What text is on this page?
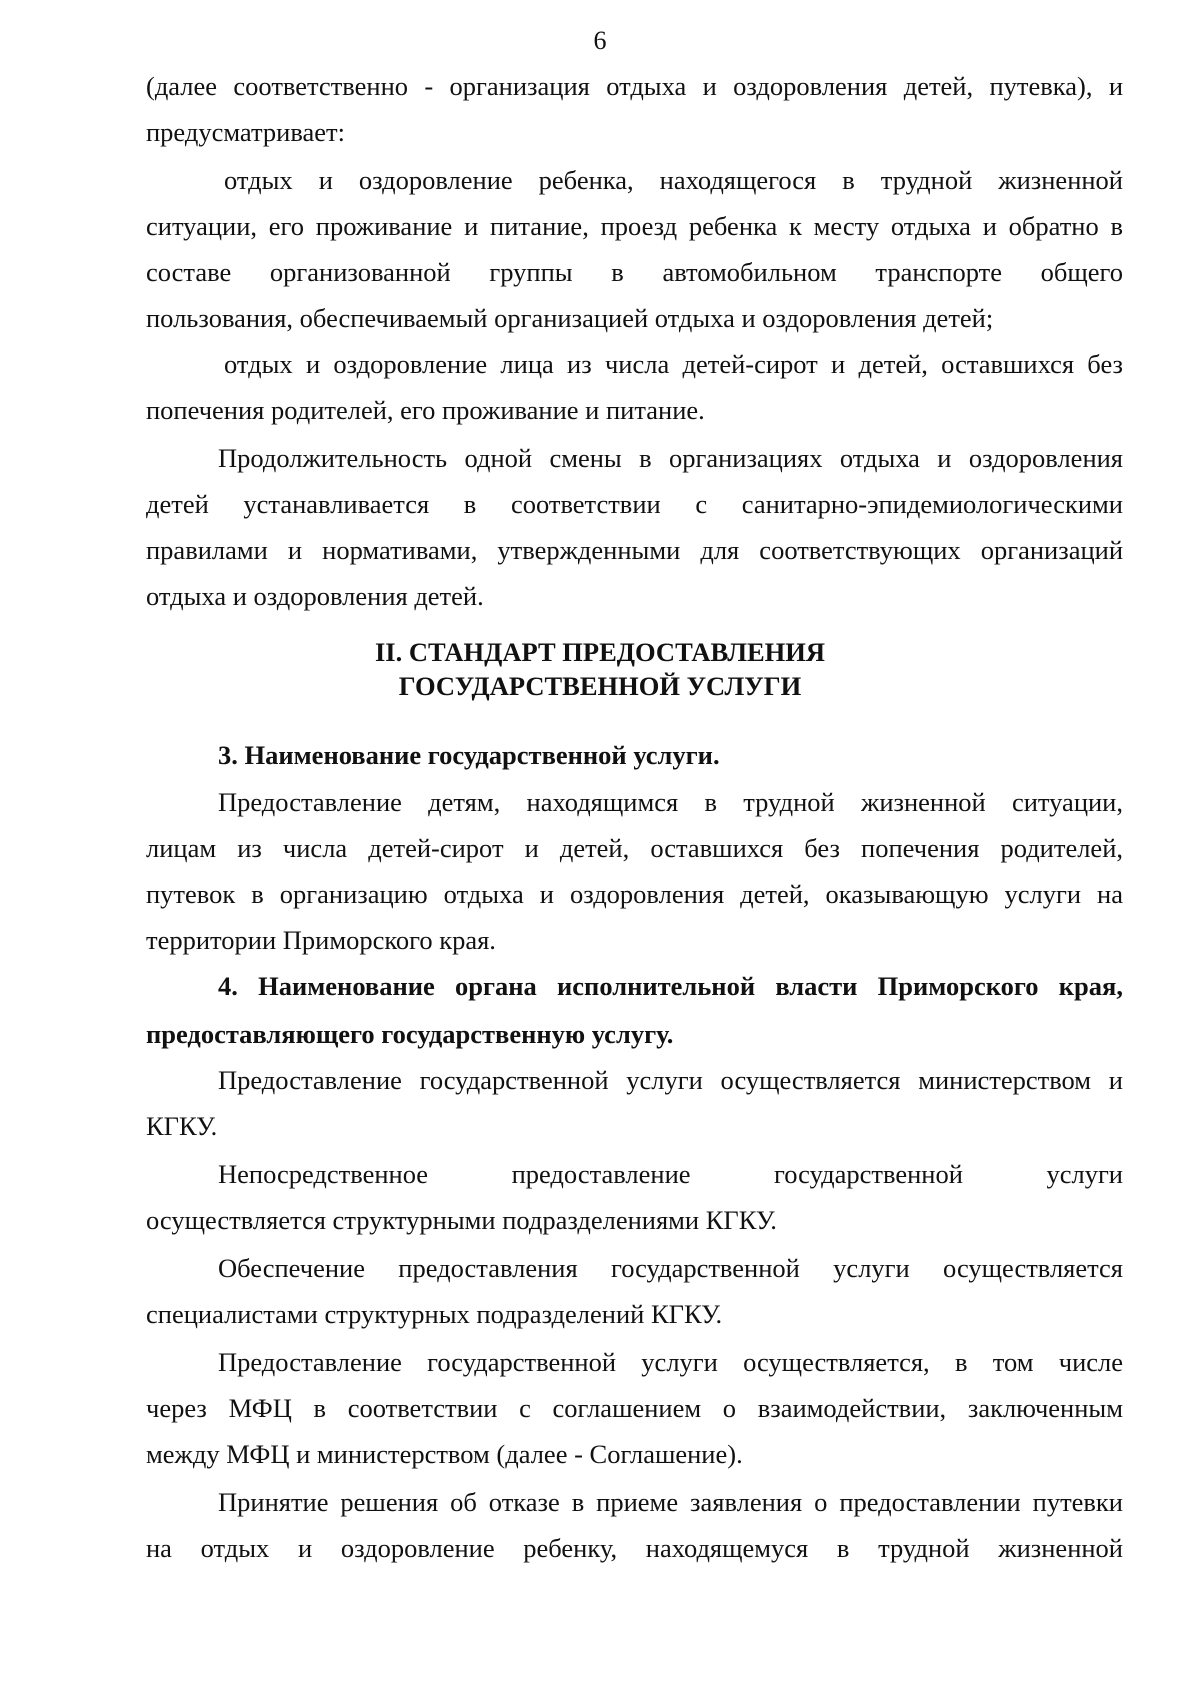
6
(далее соответственно - организация отдыха и оздоровления детей, путевка), и
предусматривает:
отдых и оздоровление ребенка, находящегося в трудной жизненной
ситуации, его проживание и питание, проезд ребенка к месту отдыха и обратно в
составе организованной группы в автомобильном транспорте общего
пользования, обеспечиваемый организацией отдыха и оздоровления детей;
отдых и оздоровление лица из числа детей-сирот и детей, оставшихся без
попечения родителей, его проживание и питание.
Продолжительность одной смены в организациях отдыха и оздоровления
детей устанавливается в соответствии с санитарно-эпидемиологическими
правилами и нормативами, утвержденными для соответствующих организаций
отдыха и оздоровления детей.
II. СТАНДАРТ ПРЕДОСТАВЛЕНИЯ
ГОСУДАРСТВЕННОЙ УСЛУГИ
3. Наименование государственной услуги.
Предоставление детям, находящимся в трудной жизненной ситуации,
лицам из числа детей-сирот и детей, оставшихся без попечения родителей,
путевок в организацию отдыха и оздоровления детей, оказывающую услуги на
территории Приморского края.
4. Наименование органа исполнительной власти Приморского края,
предоставляющего государственную услугу.
Предоставление государственной услуги осуществляется министерством и
КГКУ.
Непосредственное предоставление государственной услуги
осуществляется структурными подразделениями КГКУ.
Обеспечение предоставления государственной услуги осуществляется
специалистами структурных подразделений КГКУ.
Предоставление государственной услуги осуществляется, в том числе
через МФЦ в соответствии с соглашением о взаимодействии, заключенным
между МФЦ и министерством (далее - Соглашение).
Принятие решения об отказе в приеме заявления о предоставлении путевки
на отдых и оздоровление ребенку, находящемуся в трудной жизненной
